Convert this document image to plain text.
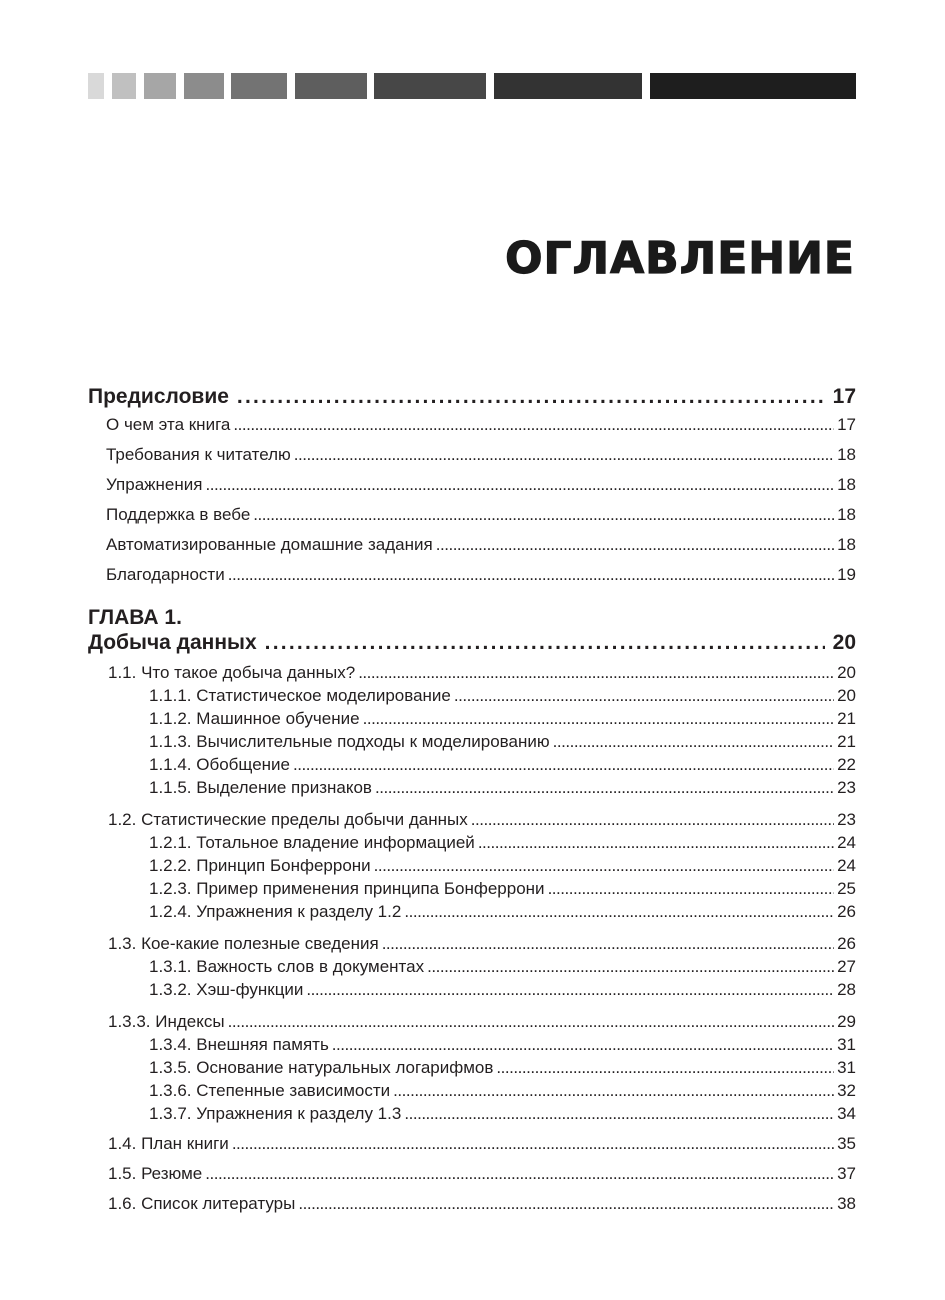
ОГЛАВЛЕНИЕ
Предисловие . . .	17
О чем эта книга . . .	17
Требования к читателю . . .	18
Упражнения . . .	18
Поддержка в вебе . . .	18
Автоматизированные домашние задания . . .	18
Благодарности . . .	19
ГЛАВА 1.
Добыча данных . . .	20
1.1. Что такое добыча данных? . . .	20
1.1.1. Статистическое моделирование . . .	20
1.1.2. Машинное обучение . . .	21
1.1.3. Вычислительные подходы к моделированию . . .	21
1.1.4. Обобщение . . .	22
1.1.5. Выделение признаков . . .	23
1.2. Статистические пределы добычи данных . . .	23
1.2.1. Тотальное владение информацией . . .	24
1.2.2. Принцип Бонферрони . . .	24
1.2.3. Пример применения принципа Бонферрони . . .	25
1.2.4. Упражнения к разделу 1.2 . . .	26
1.3. Кое-какие полезные сведения . . .	26
1.3.1. Важность слов в документах . . .	27
1.3.2. Хэш-функции . . .	28
1.3.3. Индексы . . .	29
1.3.4. Внешняя память . . .	31
1.3.5. Основание натуральных логарифмов . . .	31
1.3.6. Степенные зависимости . . .	32
1.3.7. Упражнения к разделу 1.3 . . .	34
1.4. План книги . . .	35
1.5. Резюме . . .	37
1.6. Список литературы . . .	38
